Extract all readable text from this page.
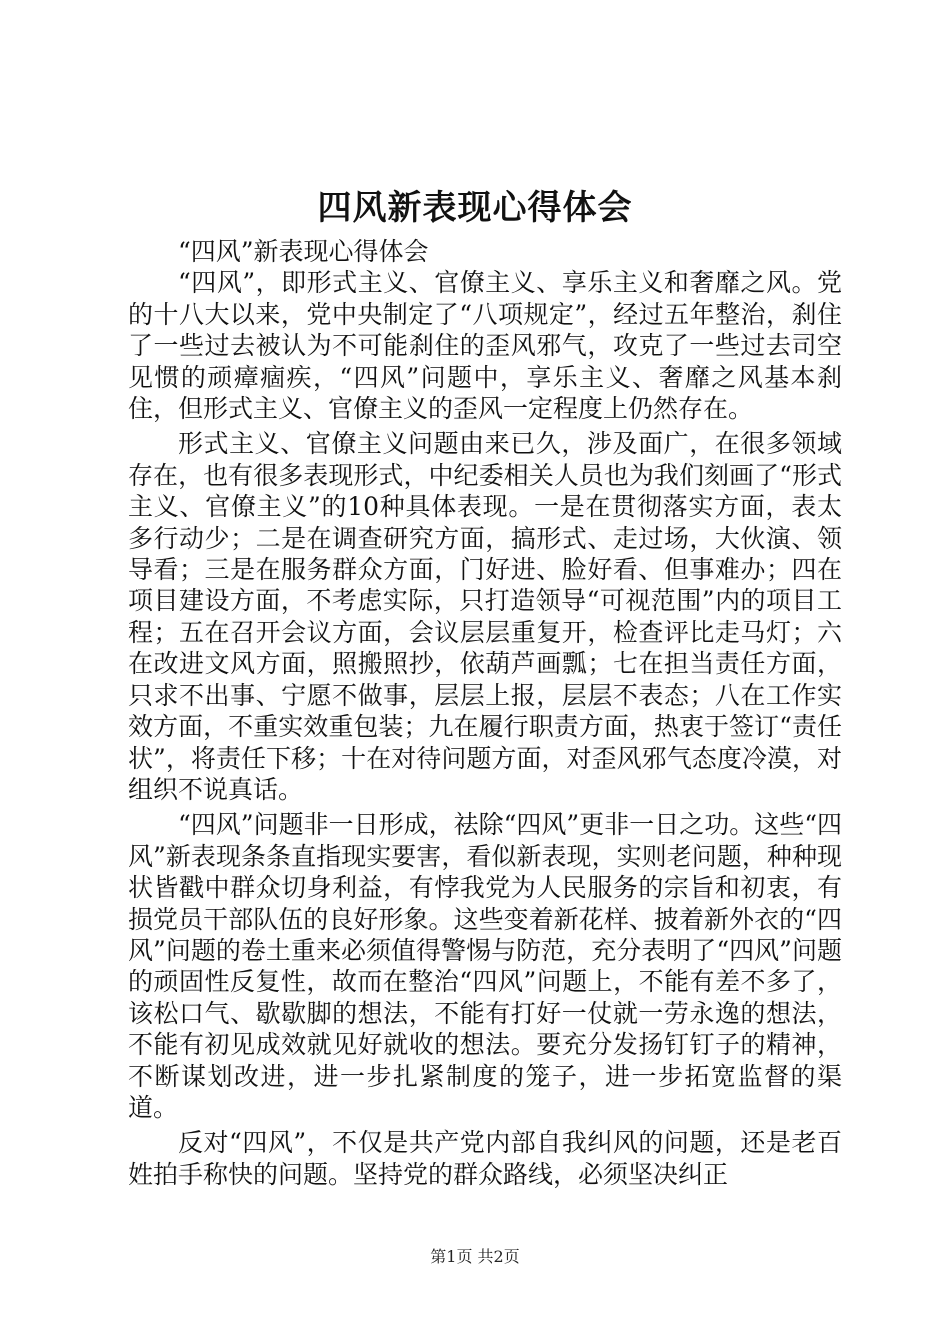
四风新表现心得体会

“四风”新表现心得体会

“四风”，即形式主义、官僚主义、享乐主义和奢靡之风。党的十八大以来，党中央制定了“八项规定”，经过五年整治，刹住了一些过去被认为不可能刹住的歪风邪气，攻克了一些过去司空见惯的顽瘴痼疾，“四风”问题中，享乐主义、奢靡之风基本刹住，但形式主义、官僚主义的歪风一定程度上仍然存在。

形式主义、官僚主义问题由来已久，涉及面广，在很多领域存在，也有很多表现形式，中纪委相关人员也为我们刻画了“形式主义、官僚主义”的10种具体表现。一是在贯彻落实方面，表太多行动少；二是在调查研究方面，搞形式、走过场，大伙演、领导看；三是在服务群众方面，门好进、脸好看、但事难办；四在项目建设方面，不考虑实际，只打造领导“可视范围”内的项目工程；五在召开会议方面，会议层层重复开，检查评比走马灯；六在改进文风方面，照搬照抄，依葫芦画瓢；七在担当责任方面，只求不出事、宁愿不做事，层层上报，层层不表态；八在工作实效方面，不重实效重包装；九在履行职责方面，热衷于签订“责任状”，将责任下移；十在对待问题方面，对歪风邪气态度冷漠，对组织不说真话。

“四风”问题非一日形成，祛除“四风”更非一日之功。这些“四风”新表现条条直指现实要害，看似新表现，实则老问题，种种现状皆戳中群众切身利益，有悖我党为人民服务的宗旨和初衷，有损党员干部队伍的良好形象。这些变着新花样、披着新外衣的“四风”问题的卷土重来必须值得警惕与防范，充分表明了“四风”问题的顽固性反复性，故而在整治“四风”问题上，不能有差不多了，该松口气、歇歇脚的想法，不能有打好一仗就一劳永逸的想法，不能有初见成效就见好就收的想法。要充分发扬钉钉子的精神，不断谋划改进，进一步扎紧制度的笼子，进一步拓宽监督的渠道。

反对“四风”，不仅是共产党内部自我纠风的问题，还是老百姓拍手称快的问题。坚持党的群众路线，必须坚决纠正

第1页 共2页
